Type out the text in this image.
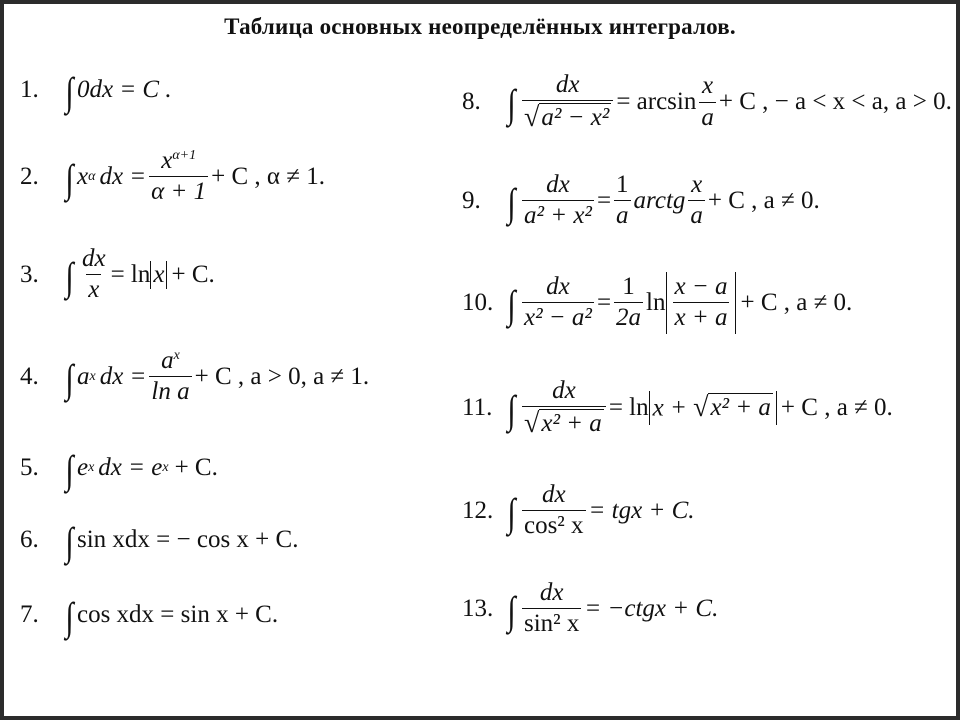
Таблица основных неопределённых интегралов.
1. ∫ 0dx = C .
2. ∫ x α dx = $\frac{x^{\alpha+1}}{\alpha + 1} + C$ , α ≠ 1.
3. ∫ $\frac{dx}{x} = \ln x + C$.
4. ∫ a x dx = $\frac{a^x}{\text{ln a}} + C$ , a > 0, a ≠ 1.
5. ∫ e x dx = e x + C.
6. ∫ sin xdx = − cos x + C.
7. ∫ cos xdx = sin x + C.
8. ∫ $\frac{dx}{\text{√ a² − x²}} = \arcsin \frac{x}{a} + C$ , − a < x < a, a > 0.
9. ∫ $\frac{dx}{\text{a² + x²}} = \frac{1}{a}$ arctg $\frac{x}{a} + C$ , a ≠ 0.
10. ∫ $\frac{dx}{\text{x² − a²}} = \frac{1}{2a}$ $\ln \frac{x - a}{x + a} + C$ , a ≠ 0.
11. ∫ $\frac{dx}{\text{√ x² + a}} = \ln x$ + √ x² + a + C , a ≠ 0.
12. ∫ $\frac{dx}{\text{cos² x}}$ = tgx + C.
13. ∫ $\frac{dx}{\text{sin² x}}$ = −ctgx + C.
